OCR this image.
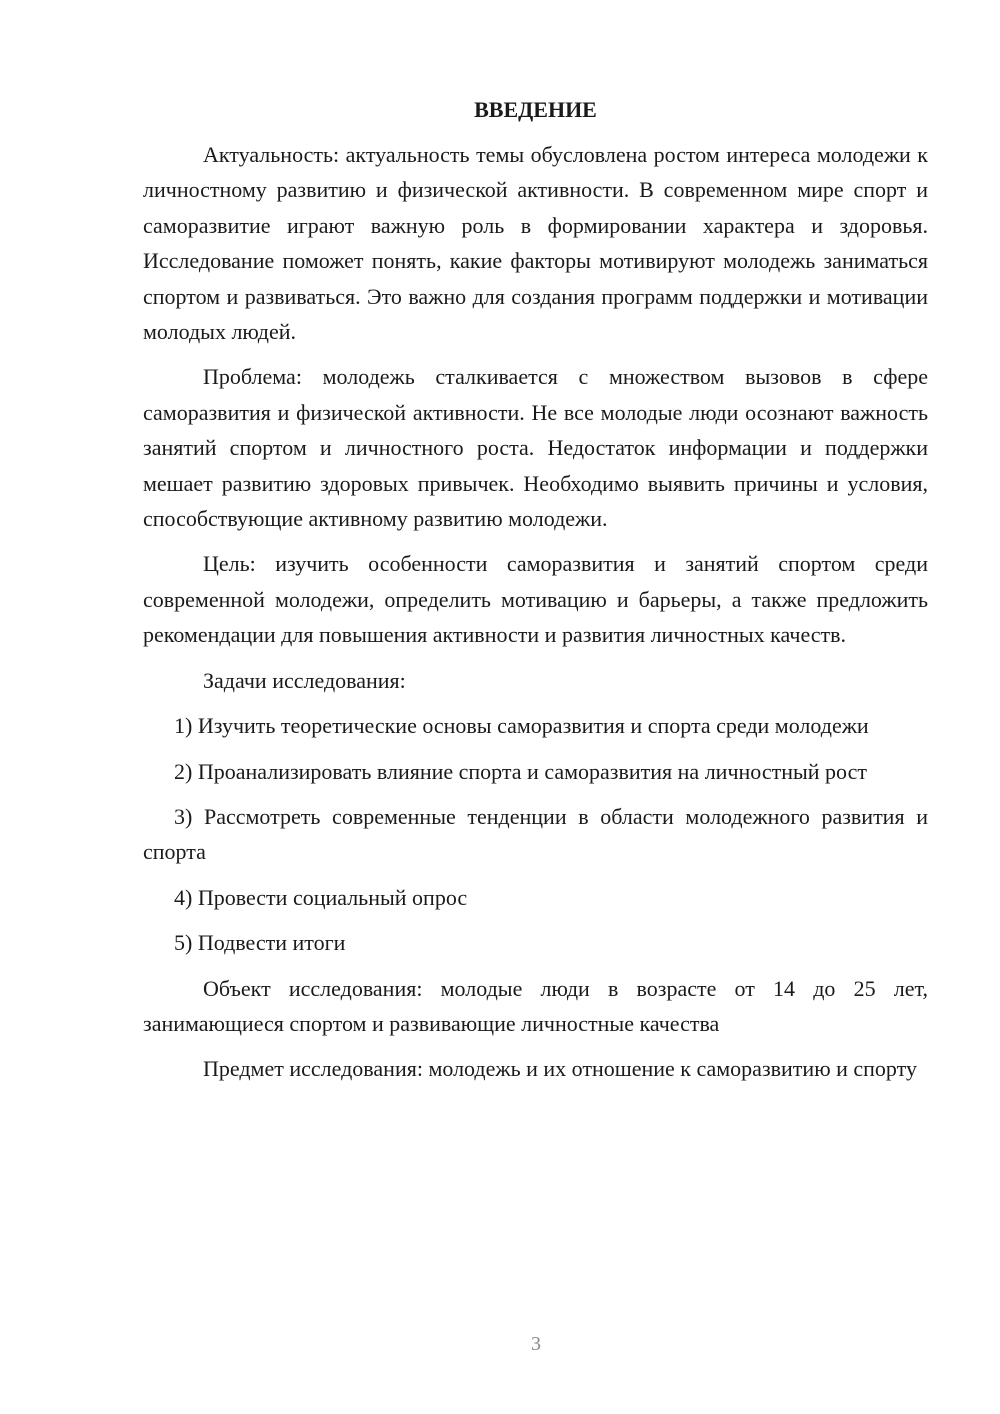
ВВЕДЕНИЕ

Актуальность: актуальность темы обусловлена ростом интереса молодежи к личностному развитию и физической активности. В современном мире спорт и саморазвитие играют важную роль в формировании характера и здоровья. Исследование поможет понять, какие факторы мотивируют молодежь заниматься спортом и развиваться. Это важно для создания программ поддержки и мотивации молодых людей.

Проблема: молодежь сталкивается с множеством вызовов в сфере саморазвития и физической активности. Не все молодые люди осознают важность занятий спортом и личностного роста. Недостаток информации и поддержки мешает развитию здоровых привычек. Необходимо выявить причины и условия, способствующие активному развитию молодежи.

Цель: изучить особенности саморазвития и занятий спортом среди современной молодежи, определить мотивацию и барьеры, а также предложить рекомендации для повышения активности и развития личностных качеств.

Задачи исследования:

1) Изучить теоретические основы саморазвития и спорта среди молодежи

2) Проанализировать влияние спорта и саморазвития на личностный рост

3) Рассмотреть современные тенденции в области молодежного развития и спорта

4) Провести социальный опрос

5) Подвести итоги

Объект исследования: молодые люди в возрасте от 14 до 25 лет, занимающиеся спортом и развивающие личностные качества

Предмет исследования: молодежь и их отношение к саморазвитию и спорту

3
